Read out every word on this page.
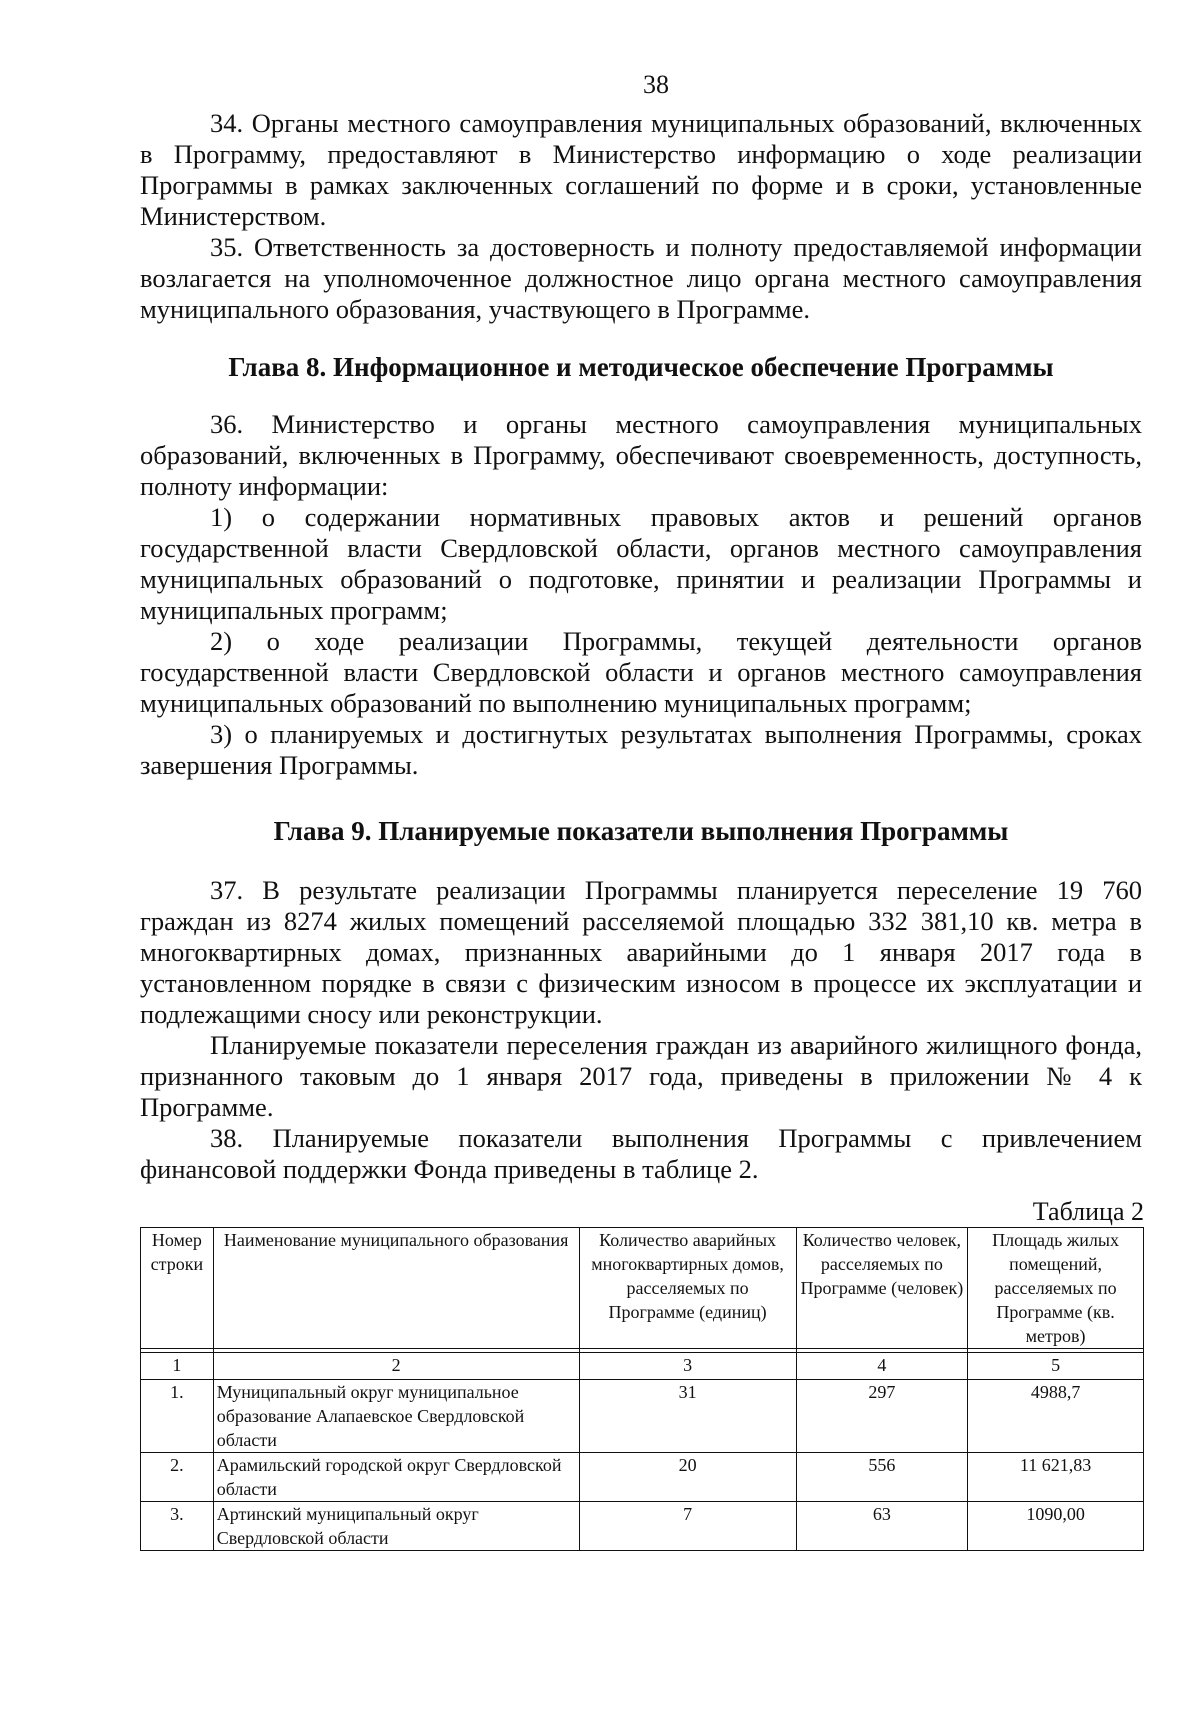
38

34. Органы местного самоуправления муниципальных образований, включенных в Программу, предоставляют в Министерство информацию о ходе реализации Программы в рамках заключенных соглашений по форме и в сроки, установленные Министерством.

35. Ответственность за достоверность и полноту предоставляемой информации возлагается на уполномоченное должностное лицо органа местного самоуправления муниципального образования, участвующего в Программе.

Глава 8. Информационное и методическое обеспечение Программы

36. Министерство и органы местного самоуправления муниципальных образований, включенных в Программу, обеспечивают своевременность, доступность, полноту информации:

1) о содержании нормативных правовых актов и решений органов государственной власти Свердловской области, органов местного самоуправления муниципальных образований о подготовке, принятии и реализации Программы и муниципальных программ;

2) о ходе реализации Программы, текущей деятельности органов государственной власти Свердловской области и органов местного самоуправления муниципальных образований по выполнению муниципальных программ;

3) о планируемых и достигнутых результатах выполнения Программы, сроках завершения Программы.

Глава 9. Планируемые показатели выполнения Программы

37. В результате реализации Программы планируется переселение 19 760 граждан из 8274 жилых помещений расселяемой площадью 332 381,10 кв. метра в многоквартирных домах, признанных аварийными до 1 января 2017 года в установленном порядке в связи с физическим износом в процессе их эксплуатации и подлежащими сносу или реконструкции.

Планируемые показатели переселения граждан из аварийного жилищного фонда, признанного таковым до 1 января 2017 года, приведены в приложении № 4 к Программе.

38. Планируемые показатели выполнения Программы с привлечением финансовой поддержки Фонда приведены в таблице 2.

Таблица 2
Номер строки	Наименование муниципального образования	Количество аварийных многоквартирных домов, расселяемых по Программе (единиц)	Количество человек, расселяемых по Программе (человек)	Площадь жилых помещений, расселяемых по Программе (кв. метров)

1	2	3	4	5
1.	Муниципальный округ муниципальное образование Алапаевское Свердловской области	31	297	4988,7
2.	Арамильский городской округ Свердловской области	20	556	11 621,83
3.	Артинский муниципальный округ Свердловской области	7	63	1090,00
